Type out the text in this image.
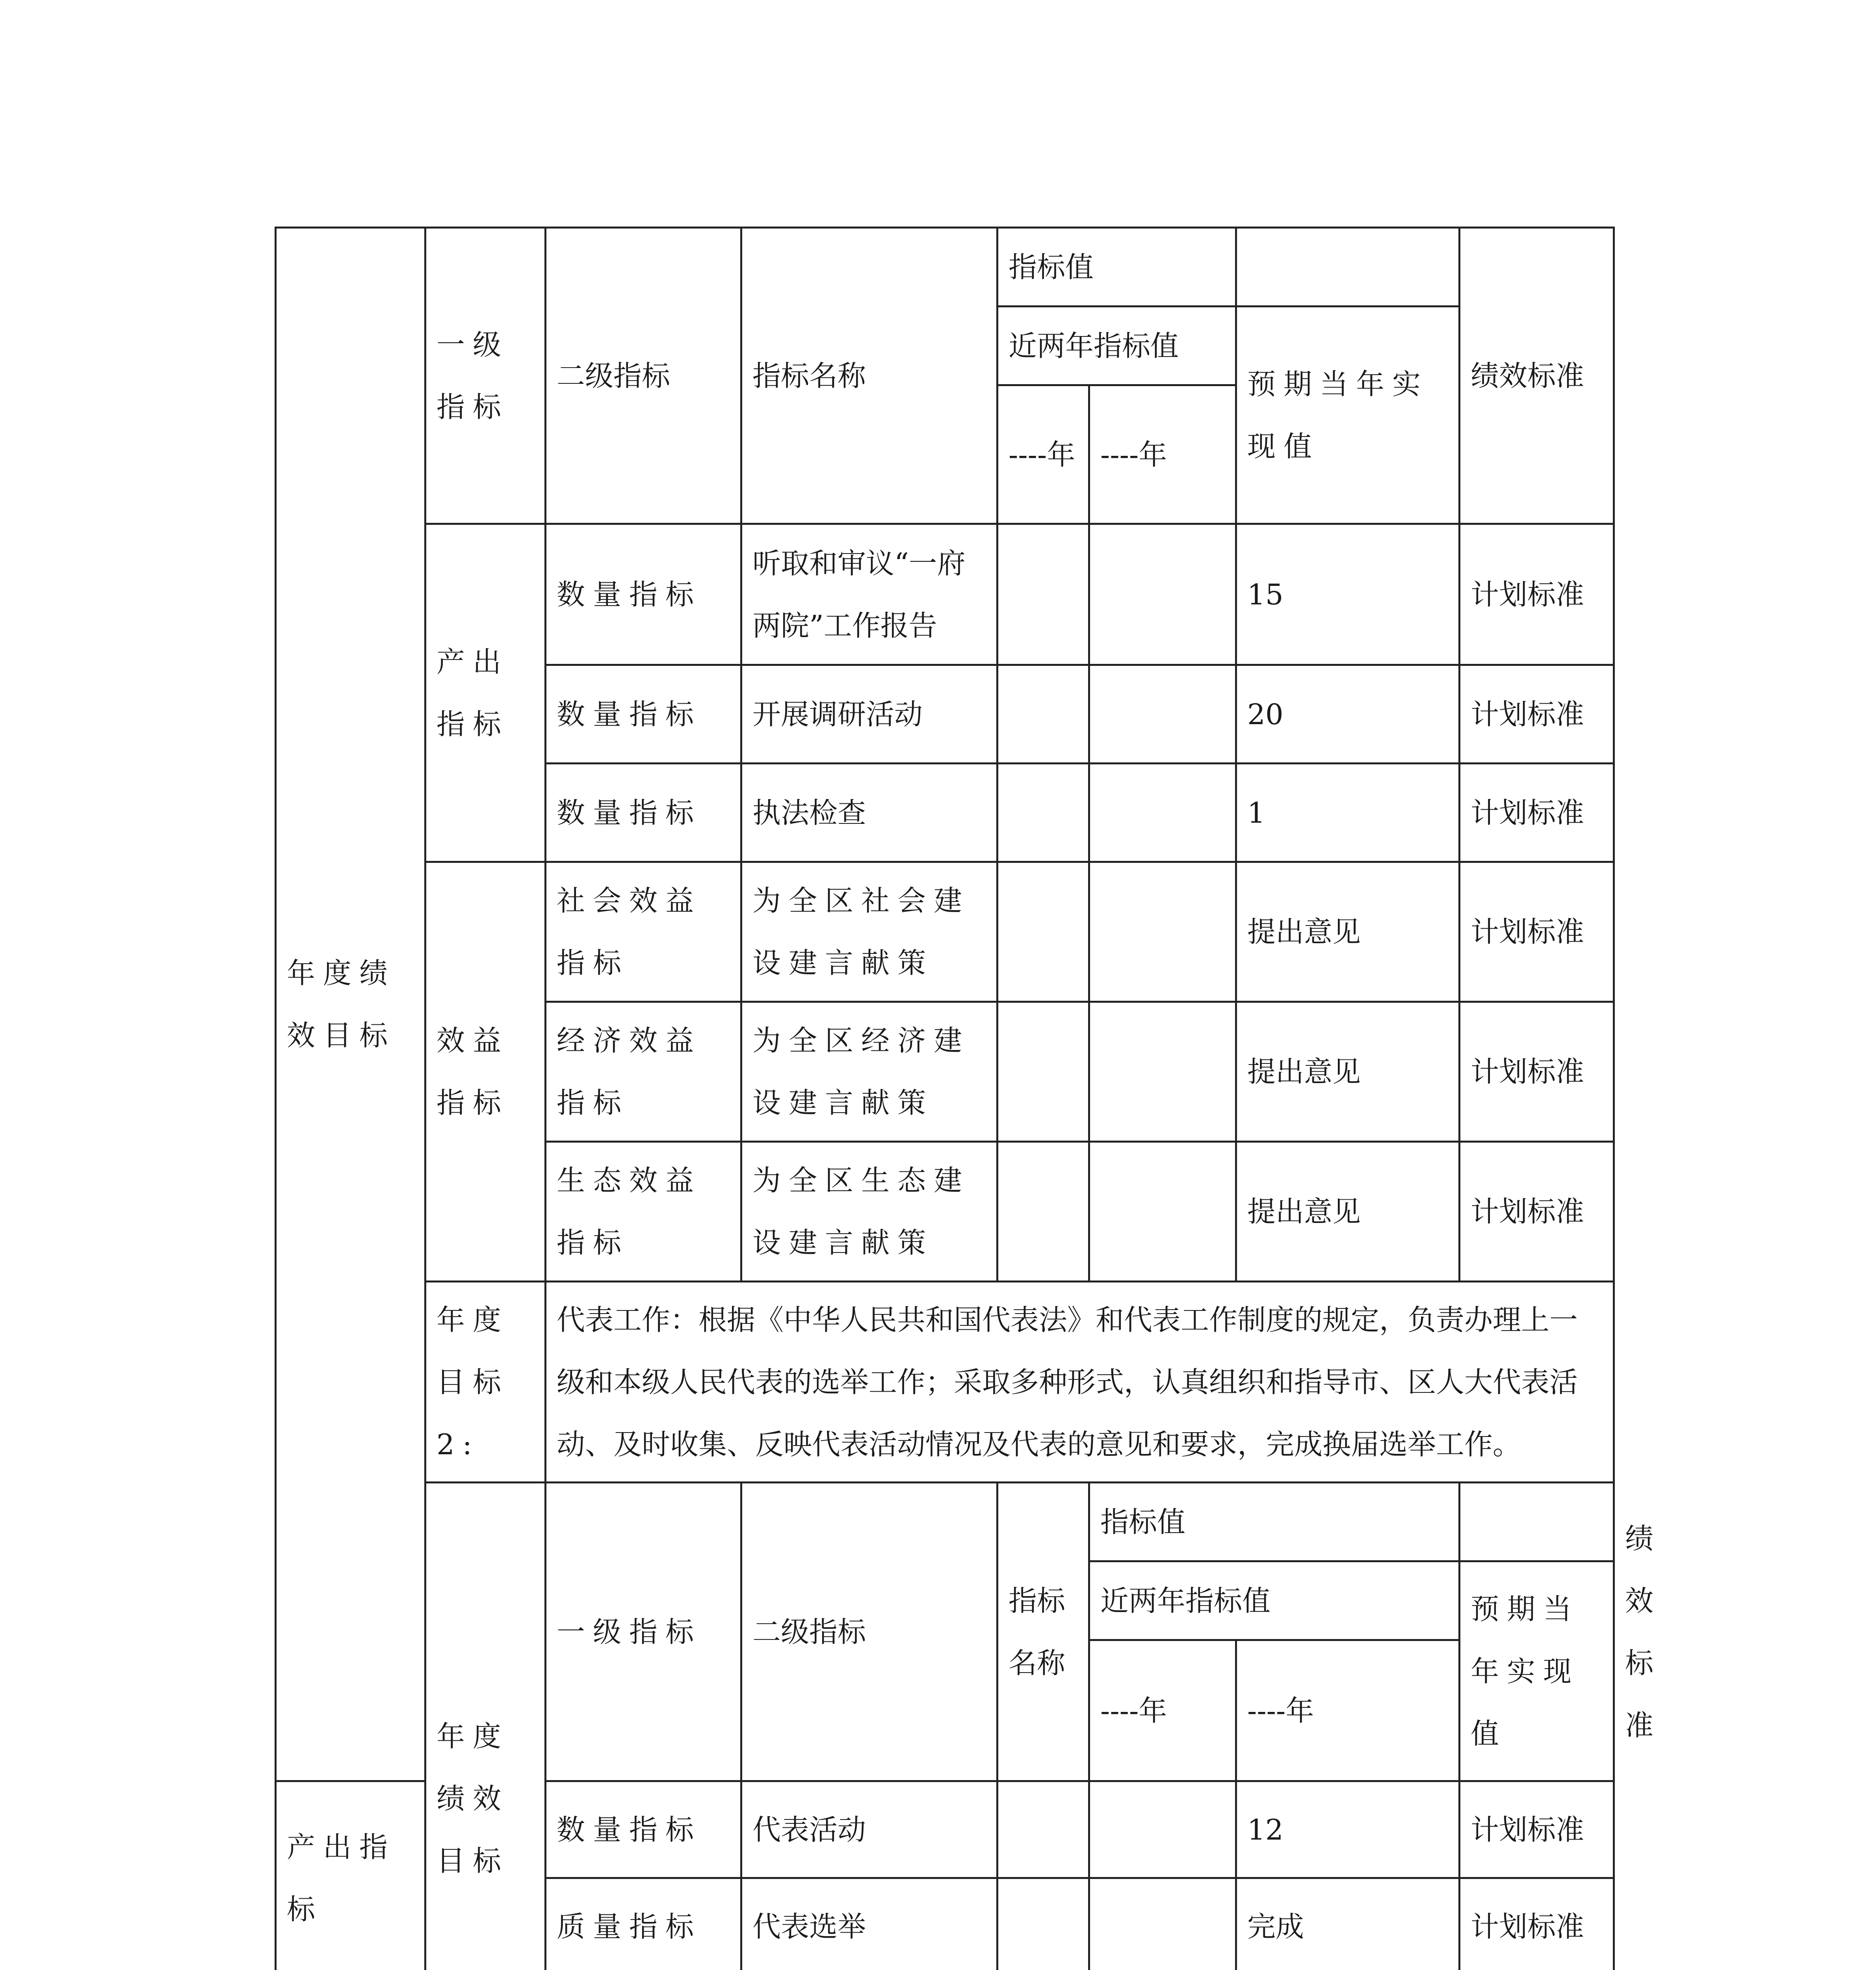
年度绩效目标	一级指标	二级指标	指标名称	指标值			绩效标准	
				近两年指标值		预期当年实现值		
				----年	----年			
	产出指标	数量指标	听取和审议“一府两院”工作报告			15	计划标准	
		数量指标	开展调研活动			20	计划标准	
		数量指标	执法检查			1	计划标准	
	效益指标	社会效益指标	为全区社会建设建言献策			提出意见	计划标准	
		经济效益指标	为全区经济建设建言献策			提出意见	计划标准	
		生态效益指标	为全区生态建设建言献策			提出意见	计划标准	
	年度目标2:	代表工作：根据《中华人民共和国代表法》和代表工作制度的规定，负责办理上一级和本级人民代表的选举工作；采取多种形式，认真组织和指导市、区人大代表活动、及时收集、反映代表活动情况及代表的意见和要求，完成换届选举工作。						
	年度绩效目标	一级指标	二级指标	指标名称	指标值			绩效标准
					近两年指标值		预期当年实现值	
					----年	----年		
产出指标		数量指标	代表活动			12	计划标准	
		质量指标	代表选举			完成	计划标准	
